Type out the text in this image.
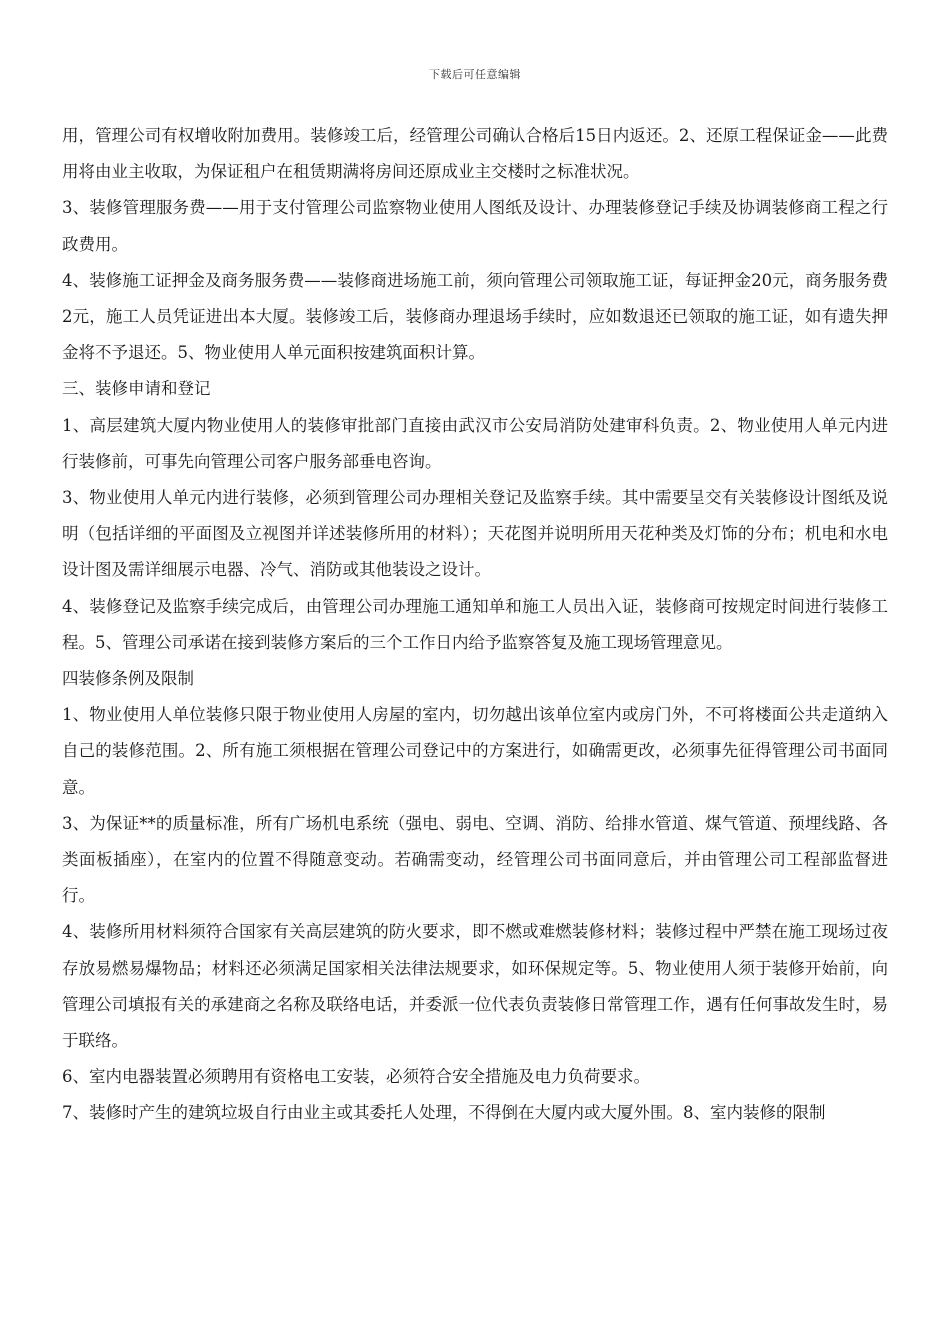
下载后可任意编辑

用，管理公司有权增收附加费用。装修竣工后，经管理公司确认合格后15日内返还。2、还原工程保证金——此费用将由业主收取，为保证租户在租赁期满将房间还原成业主交楼时之标准状况。

3、装修管理服务费——用于支付管理公司监察物业使用人图纸及设计、办理装修登记手续及协调装修商工程之行政费用。

4、装修施工证押金及商务服务费——装修商进场施工前，须向管理公司领取施工证，每证押金20元，商务服务费2元，施工人员凭证进出本大厦。装修竣工后，装修商办理退场手续时，应如数退还已领取的施工证，如有遗失押金将不予退还。5、物业使用人单元面积按建筑面积计算。

三、装修申请和登记

1、高层建筑大厦内物业使用人的装修审批部门直接由武汉市公安局消防处建审科负责。2、物业使用人单元内进行装修前，可事先向管理公司客户服务部垂电咨询。

3、物业使用人单元内进行装修，必须到管理公司办理相关登记及监察手续。其中需要呈交有关装修设计图纸及说明（包括详细的平面图及立视图并详述装修所用的材料）；天花图并说明所用天花种类及灯饰的分布；机电和水电设计图及需详细展示电器、冷气、消防或其他装设之设计。

4、装修登记及监察手续完成后，由管理公司办理施工通知单和施工人员出入证，装修商可按规定时间进行装修工程。5、管理公司承诺在接到装修方案后的三个工作日内给予监察答复及施工现场管理意见。

四装修条例及限制

1、物业使用人单位装修只限于物业使用人房屋的室内，切勿越出该单位室内或房门外，不可将楼面公共走道纳入自己的装修范围。2、所有施工须根据在管理公司登记中的方案进行，如确需更改，必须事先征得管理公司书面同意。

3、为保证**的质量标准，所有广场机电系统（强电、弱电、空调、消防、给排水管道、煤气管道、预埋线路、各类面板插座），在室内的位置不得随意变动。若确需变动，经管理公司书面同意后，并由管理公司工程部监督进行。

4、装修所用材料须符合国家有关高层建筑的防火要求，即不燃或难燃装修材料；装修过程中严禁在施工现场过夜存放易燃易爆物品；材料还必须满足国家相关法律法规要求，如环保规定等。5、物业使用人须于装修开始前，向管理公司填报有关的承建商之名称及联络电话，并委派一位代表负责装修日常管理工作，遇有任何事故发生时，易于联络。

6、室内电器装置必须聘用有资格电工安装，必须符合安全措施及电力负荷要求。

7、装修时产生的建筑垃圾自行由业主或其委托人处理，不得倒在大厦内或大厦外围。8、室内装修的限制
